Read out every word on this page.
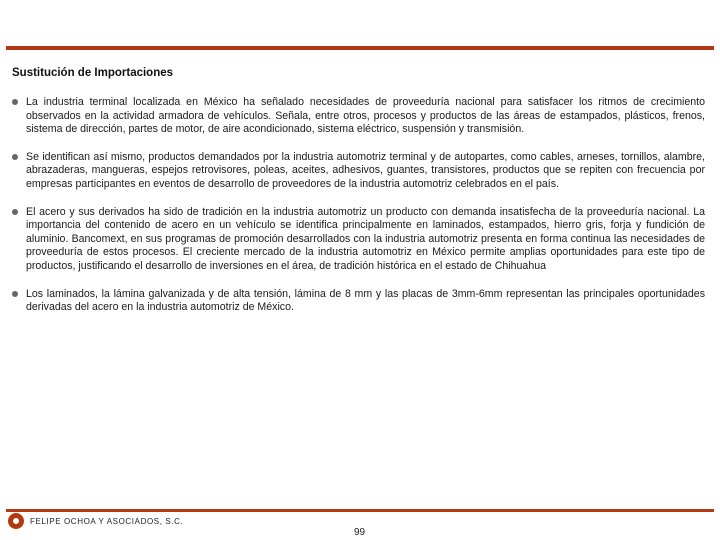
Sustitución de Importaciones
La industria terminal localizada en México ha señalado necesidades de proveeduría nacional para satisfacer los ritmos de crecimiento observados en la actividad armadora de vehículos. Señala, entre otros, procesos y productos de las áreas de estampados, plásticos, frenos, sistema de dirección, partes de motor, de aire acondicionado, sistema eléctrico, suspensión y transmisión.
Se identifican así mismo, productos demandados por la industria automotriz terminal y de autopartes, como cables, arneses, tornillos, alambre, abrazaderas, mangueras, espejos retrovisores, poleas, aceites, adhesivos, guantes, transistores, productos que se repiten con frecuencia por empresas participantes en eventos de desarrollo de proveedores de la industria automotriz celebrados en el país.
El acero y sus derivados ha sido de tradición en la industria automotriz un producto con demanda insatisfecha de la proveeduría nacional. La importancia del contenido de acero en un vehículo se identifica principalmente en laminados, estampados, hierro gris, forja y fundición de aluminio. Bancomext, en sus programas de promoción desarrollados con la industria automotriz presenta en forma continua las necesidades de proveeduría de estos procesos. El creciente mercado de la industria automotriz en México permite amplias oportunidades para este tipo de productos, justificando el desarrollo de inversiones en el área, de tradición histórica en el estado de Chihuahua
Los laminados, la lámina galvanizada y de alta tensión, lámina de 8 mm y las placas de 3mm-6mm representan las principales oportunidades derivadas del acero en la industria automotriz de México.
FELIPE OCHOA Y ASOCIADOS, S.C.
99
